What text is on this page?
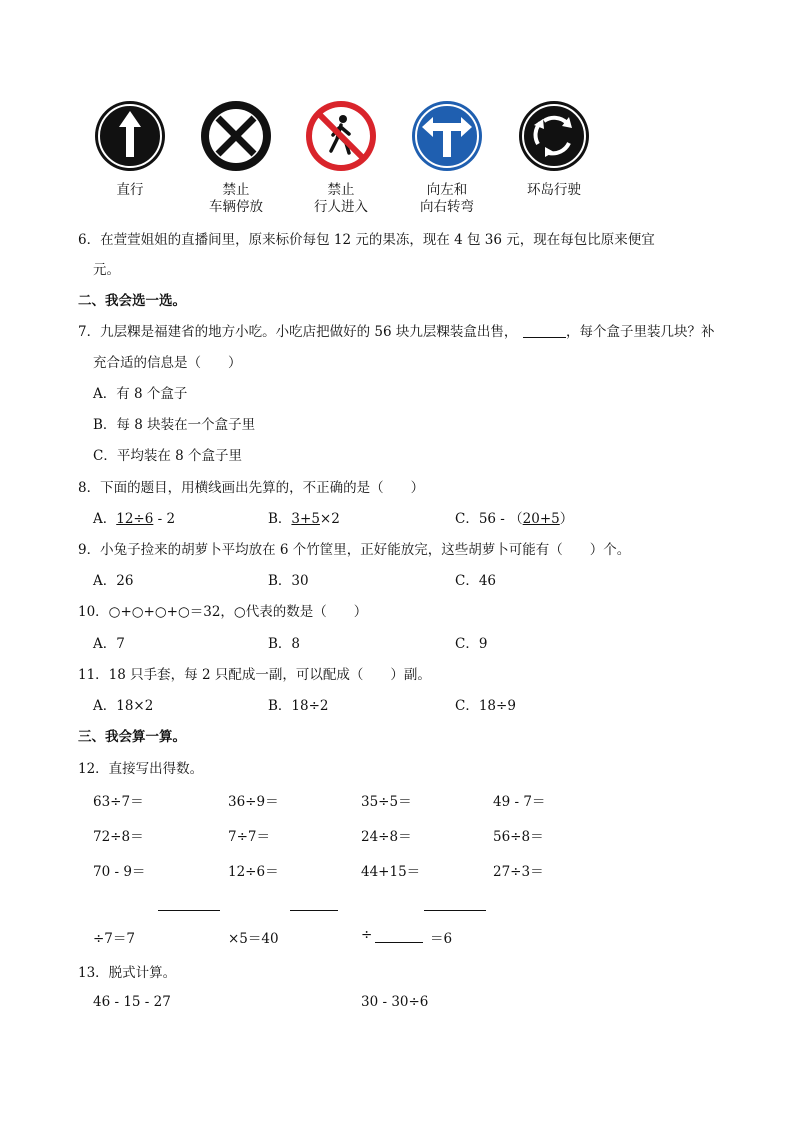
直行	禁止
车辆停放
禁止
行人进入
向左和
向右转弯
环岛行驶
6．在萱萱姐姐的直播间里，原来标价每包 12 元的果冻，现在 4 包 36 元，现在每包比原来便宜
元。
二、我会选一选。
7．九层粿是福建省的地方小吃。小吃店把做好的 56 块九层粿装盒出售，	，每个盒子里装几块？补
充合适的信息是（　　）
A．有 8 个盒子
B．每 8 块装在一个盒子里
C．平均装在 8 个盒子里
8．下面的题目，用横线画出先算的，不正确的是（　　）
A．12÷6 - 2	B．3+5×2	C．56 - （20+5）
9．小兔子捡来的胡萝卜平均放在 6 个竹筐里，正好能放完，这些胡萝卜可能有（　　）个。
A．26	B．30	C．46
10．○+○+○+○＝32，○代表的数是（　　）
A．7	B．8	C．9
11．18 只手套，每 2 只配成一副，可以配成（　　）副。
A．18×2	B．18÷2	C．18÷9
三、我会算一算。
12．直接写出得数。
63÷7＝	36÷9＝	35÷5＝	49 - 7＝
72÷8＝	7÷7＝	24÷8＝	56÷8＝
70 - 9＝	12÷6＝	44+15＝	27÷3＝
÷7＝7	×5＝40	÷	＝6
13．脱式计算。
46 - 15 - 27	30 - 30÷6
